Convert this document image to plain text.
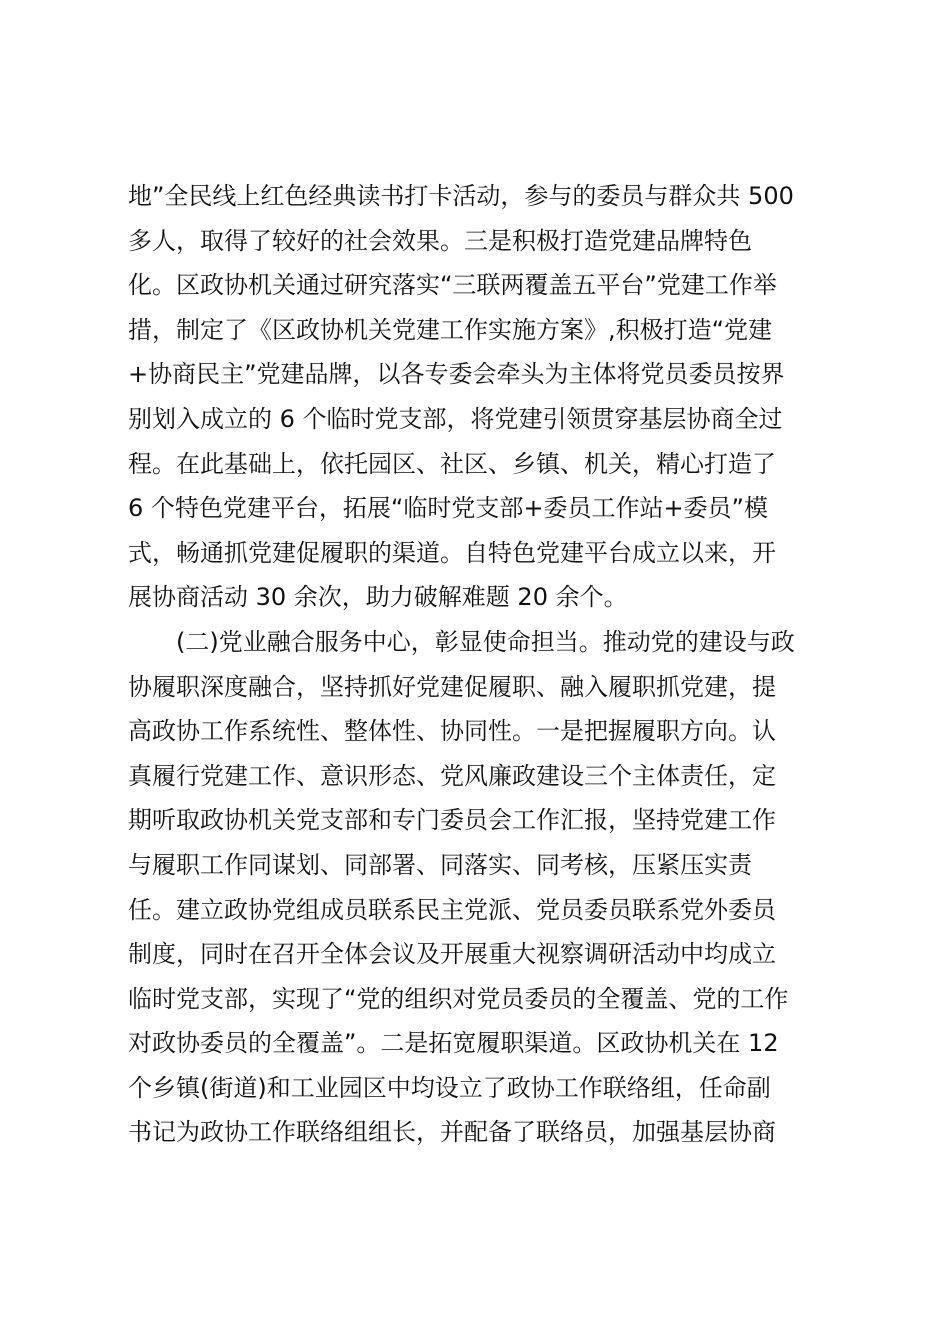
地”全民线上红色经典读书打卡活动，参与的委员与群众共 500
多人，取得了较好的社会效果。三是积极打造党建品牌特色
化。区政协机关通过研究落实“三联两覆盖五平台”党建工作举
措，制定了《区政协机关党建工作实施方案》,积极打造“党建
+协商民主”党建品牌，以各专委会牵头为主体将党员委员按界
别划入成立的 6 个临时党支部，将党建引领贯穿基层协商全过
程。在此基础上，依托园区、社区、乡镇、机关，精心打造了
6 个特色党建平台，拓展“临时党支部+委员工作站+委员”模
式，畅通抓党建促履职的渠道。自特色党建平台成立以来，开
展协商活动 30 余次，助力破解难题 20 余个。
　　(二)党业融合服务中心，彰显使命担当。推动党的建设与政
协履职深度融合，坚持抓好党建促履职、融入履职抓党建，提
高政协工作系统性、整体性、协同性。一是把握履职方向。认
真履行党建工作、意识形态、党风廉政建设三个主体责任，定
期听取政协机关党支部和专门委员会工作汇报，坚持党建工作
与履职工作同谋划、同部署、同落实、同考核，压紧压实责
任。建立政协党组成员联系民主党派、党员委员联系党外委员
制度，同时在召开全体会议及开展重大视察调研活动中均成立
临时党支部，实现了“党的组织对党员委员的全覆盖、党的工作
对政协委员的全覆盖”。二是拓宽履职渠道。区政协机关在 12
个乡镇(街道)和工业园区中均设立了政协工作联络组，任命副
书记为政协工作联络组组长，并配备了联络员，加强基层协商
